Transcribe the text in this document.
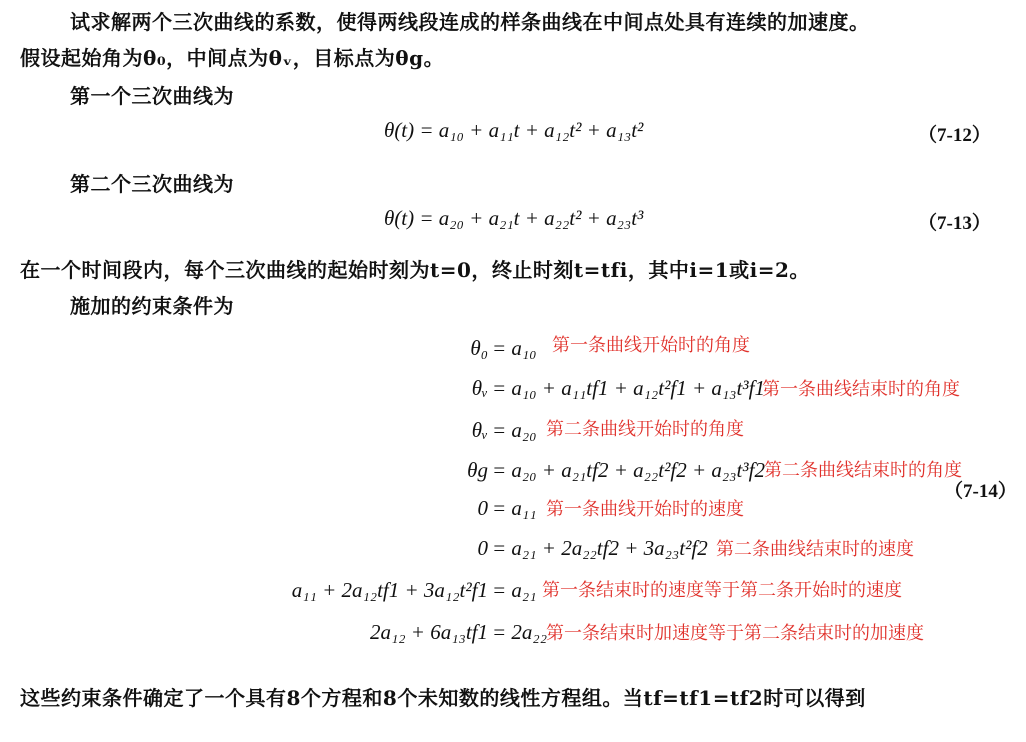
试求解两个三次曲线的系数，使得两线段连成的样条曲线在中间点处具有连续的加速度。
假设起始角为θ₀，中间点为θᵥ，目标点为θg。
第一个三次曲线为
θ(t) = a₁₀ + a₁₁t + a₁₂t² + a₁₃t²	（7-12）
第二个三次曲线为
θ(t) = a₂₀ + a₂₁t + a₂₂t² + a₂₃t³	（7-13）
在一个时间段内，每个三次曲线的起始时刻为t=0，终止时刻t=tfi，其中i=1或i=2。
施加的约束条件为
θ₀ = a₁₀ 第一条曲线开始时的角度
θᵥ = a₁₀ + a₁₁tf1 + a₁₂t²f1 + a₁₃t³f1
第一条曲线结束时的角度
θᵥ = a₂₀ 第二条曲线开始时的角度
θg = a₂₀ + a₂₁tf2 + a₂₂t²f2 + a₂₃t³f2 第二条曲线结束时的角度
0 = a₁₁ 第一条曲线开始时的速度
0 = a₂₁ + 2a₂₂tf2 + 3a₂₃t²f2 第二条曲线结束时的速度
a₁₁ + 2a₁₂tf1 + 3a₁₂t²f1 = a₂₁ 第一条结束时的速度等于第二条开始时的速度
2a₁₂ + 6a₁₃tf1 = 2a₂₂
第一条结束时加速度等于第二条结束时的加速度
（7-14）
这些约束条件确定了一个具有8个方程和8个未知数的线性方程组。当tf=tf1=tf2时可以得到
